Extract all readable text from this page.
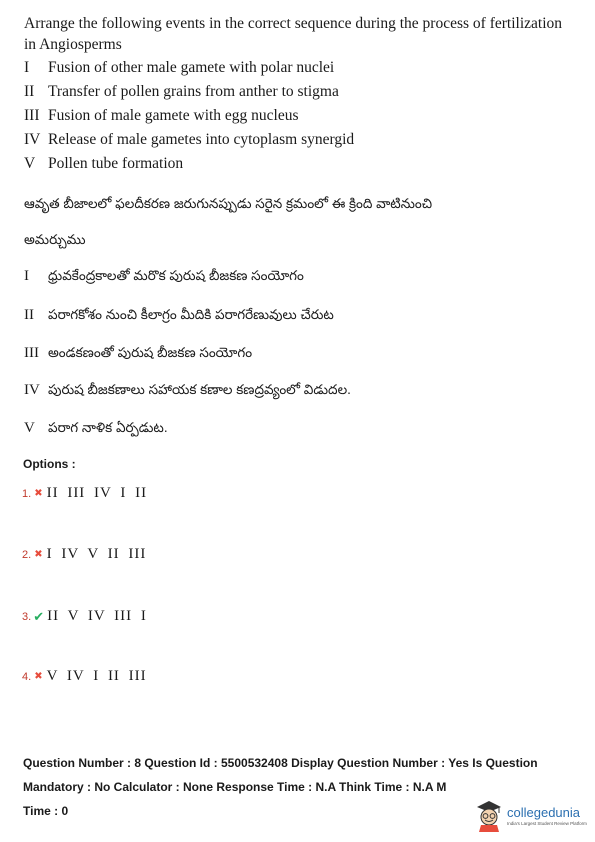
Arrange the following events in the correct sequence during the process of fertilization in Angiosperms

I	Fusion of other male gamete with polar nuclei
II Transfer of pollen grains from anther to stigma
III Fusion of male gamete with egg nucleus
IV Release of male gametes into cytoplasm synergid
V Pollen tube formation
ఆవృత బీజాలలో ఫలదీకరణ జరుగునప్పుడు సరైన క్రమంలో ఈ క్రింది వాటినుంచి
అమర్చుము
I ధ్రువకేంద్రకాలతో మరొక పురుష బీజకణ సంయోగం
II పరాగకోశం నుంచి కీలాగ్రం మీదికి పరాగరేణువులు చేరుట
III అండకణంతో పురుష బీజకణ సంయోగం
IV పురుష బీజకణాలు సహాయక కణాల కణద్రవ్యంలో విడుదల.
V పరాగ నాళిక ఏర్పడుట.
Options :
1. ✖ II III IV I II
2. ✖ I IV V II III
3. ✔ II V IV III I
4. ✖ V IV I II III
Question Number : 8 Question Id : 5500532408 Display Question Number : Yes Is Question
Mandatory : No Calculator : None Response Time : N.A Think Time : N.A M
Time : 0	collegedunia
India's Largest Student Review Platform
